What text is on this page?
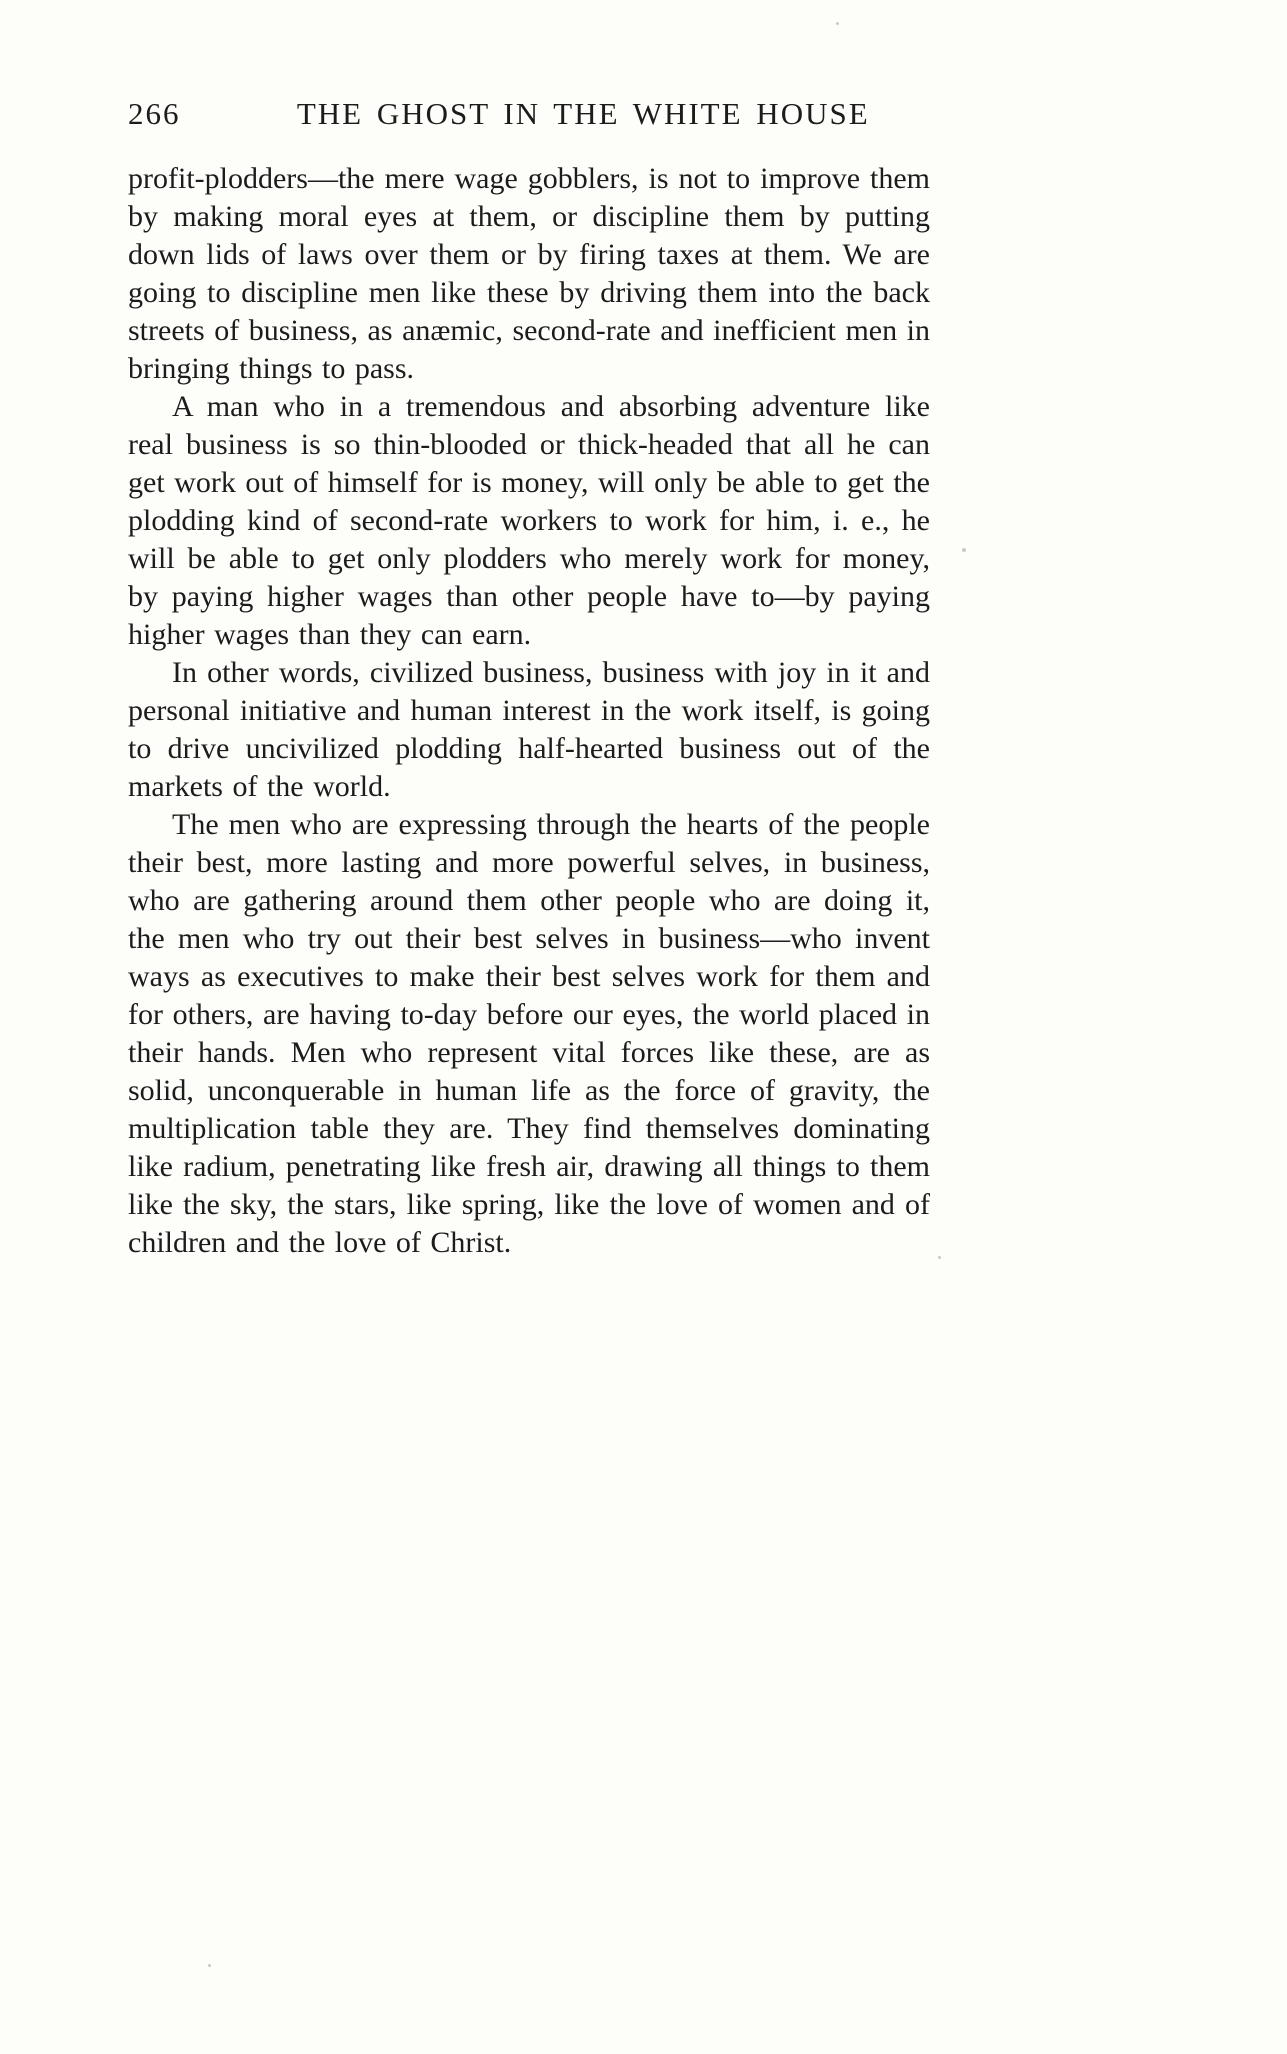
266	THE GHOST IN THE WHITE HOUSE

profit-plodders—the mere wage gobblers, is not to improve them by making moral eyes at them, or discipline them by putting down lids of laws over them or by firing taxes at them. We are going to discipline men like these by driving them into the back streets of business, as anæmic, second-rate and inefficient men in bringing things to pass.

A man who in a tremendous and absorbing adventure like real business is so thin-blooded or thick-headed that all he can get work out of himself for is money, will only be able to get the plodding kind of second-rate workers to work for him, i. e., he will be able to get only plodders who merely work for money, by paying higher wages than other people have to—by paying higher wages than they can earn.

In other words, civilized business, business with joy in it and personal initiative and human interest in the work itself, is going to drive uncivilized plodding half-hearted business out of the markets of the world.

The men who are expressing through the hearts of the people their best, more lasting and more powerful selves, in business, who are gathering around them other people who are doing it, the men who try out their best selves in business—who invent ways as executives to make their best selves work for them and for others, are having to-day before our eyes, the world placed in their hands. Men who represent vital forces like these, are as solid, unconquerable in human life as the force of gravity, the multiplication table they are. They find themselves dominating like radium, penetrating like fresh air, drawing all things to them like the sky, the stars, like spring, like the love of women and of children and the love of Christ.
